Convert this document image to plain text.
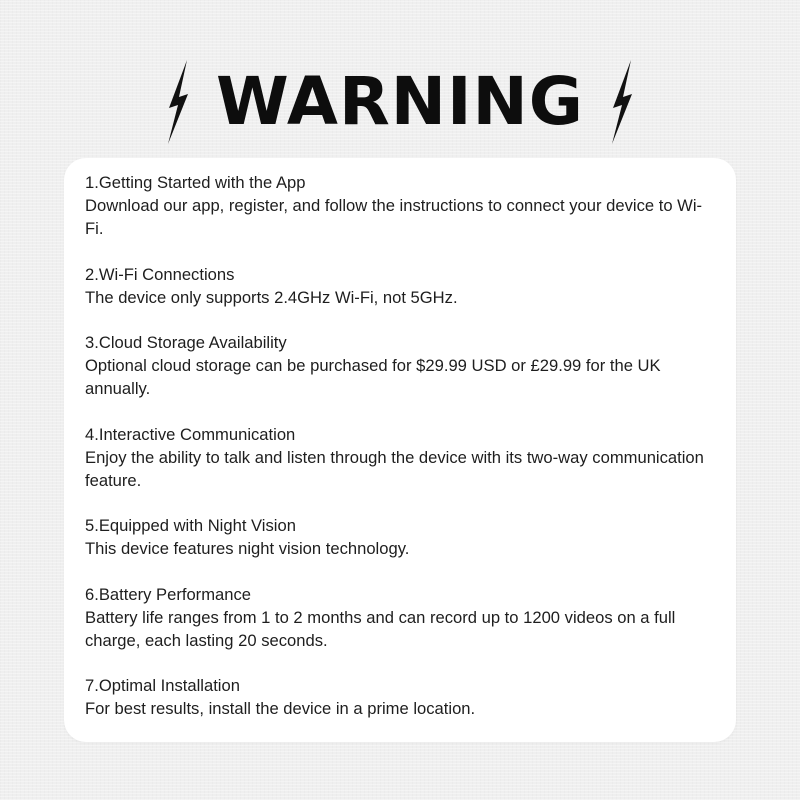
WARNING

1.Getting Started with the App

Download our app, register, and follow the instructions to connect your device to Wi-Fi.

2.Wi-Fi Connections

The device only supports 2.4GHz Wi-Fi, not 5GHz.

3.Cloud Storage Availability

Optional cloud storage can be purchased for $29.99 USD or £29.99 for the UK annually.

4.Interactive Communication

Enjoy the ability to talk and listen through the device with its two-way communication feature.

5.Equipped with Night Vision

This device features night vision technology.

6.Battery Performance

Battery life ranges from 1 to 2 months and can record up to 1200 videos on a full charge, each lasting 20 seconds.

7.Optimal Installation

For best results, install the device in a prime location.
